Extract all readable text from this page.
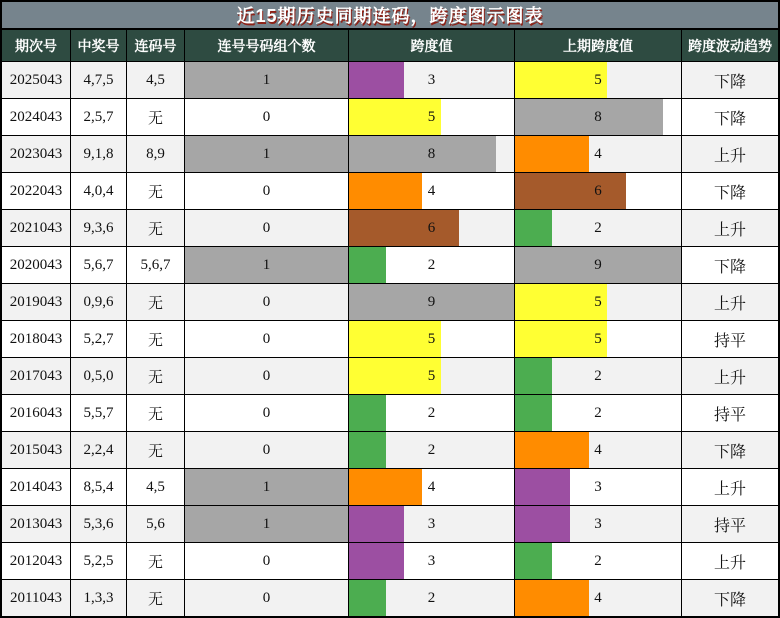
近15期历史同期连码，跨度图示图表
期次号	中奖号	连码号	连号号码组个数	跨度值	上期跨度值	跨度波动趋势
2025043	4,7,5	4,5	1	3	5	下降
2024043	2,5,7	无	0	5	8	下降
2023043	9,1,8	8,9	1	8	4	上升
2022043	4,0,4	无	0	4	6	下降
2021043	9,3,6	无	0	6	2	上升
2020043	5,6,7	5,6,7	1	2	9	下降
2019043	0,9,6	无	0	9	5	上升
2018043	5,2,7	无	0	5	5	持平
2017043	0,5,0	无	0	5	2	上升
2016043	5,5,7	无	0	2	2	持平
2015043	2,2,4	无	0	2	4	下降
2014043	8,5,4	4,5	1	4	3	上升
2013043	5,3,6	5,6	1	3	3	持平
2012043	5,2,5	无	0	3	2	上升
2011043	1,3,3	无	0	2	4	下降
